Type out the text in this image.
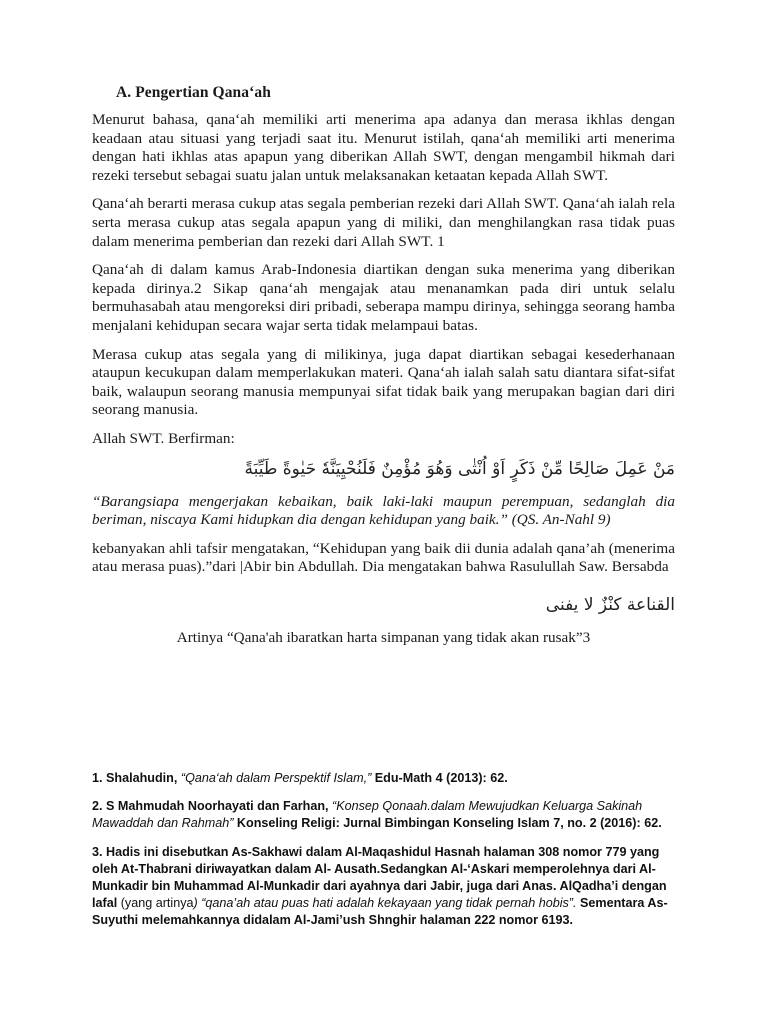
A. Pengertian Qana‘ah

Menurut bahasa, qana‘ah memiliki arti menerima apa adanya dan merasa ikhlas dengan keadaan atau situasi yang terjadi saat itu. Menurut istilah, qana‘ah memiliki arti menerima dengan hati ikhlas atas apapun yang diberikan Allah SWT, dengan mengambil hikmah dari rezeki tersebut sebagai suatu jalan untuk melaksanakan ketaatan kepada Allah SWT.

Qana‘ah berarti merasa cukup atas segala pemberian rezeki dari Allah SWT. Qana‘ah ialah rela serta merasa cukup atas segala apapun yang di miliki, dan menghilangkan rasa tidak puas dalam menerima pemberian dan rezeki dari Allah SWT. 1

Qana‘ah di dalam kamus Arab-Indonesia diartikan dengan suka menerima yang diberikan kepada dirinya.2 Sikap qana‘ah mengajak atau menanamkan pada diri untuk selalu bermuhasabah atau mengoreksi diri pribadi, seberapa mampu dirinya, sehingga seorang hamba menjalani kehidupan secara wajar serta tidak melampaui batas.

Merasa cukup atas segala yang di milikinya, juga dapat diartikan sebagai kesederhanaan ataupun kecukupan dalam memperlakukan materi. Qana‘ah ialah salah satu diantara sifat-sifat baik, walaupun seorang manusia mempunyai sifat tidak baik yang merupakan bagian dari diri seorang manusia.

Allah SWT. Berfirman:

مَنْ عَمِلَ صَالِحًا مِّنْ ذَكَرٍ اَوْ اُنْثٰى وَهُوَ مُؤْمِنٌ فَلَنُحْيِيَنَّهٗ حَيٰوةً طَيِّبَةً

“Barangsiapa mengerjakan kebaikan, baik laki-laki maupun perempuan, sedanglah dia beriman, niscaya Kami hidupkan dia dengan kehidupan yang baik.” (QS. An-Nahl 9)

kebanyakan ahli tafsir mengatakan, “Kehidupan yang baik dii dunia adalah qana’ah (menerima atau merasa puas).”dari |Abir bin Abdullah. Dia mengatakan bahwa Rasulullah Saw. Bersabda

القناعة كنْزٌ لا يفنى

Artinya “Qana'ah ibaratkan harta simpanan yang tidak akan rusak”3

1. Shalahudin, “Qana‘ah dalam Perspektif Islam,” Edu-Math 4 (2013): 62.

2. S Mahmudah Noorhayati dan Farhan, “Konsep Qonaah.dalam Mewujudkan Keluarga Sakinah Mawaddah dan Rahmah” Konseling Religi: Jurnal Bimbingan Konseling Islam 7, no. 2 (2016): 62.

3. Hadis ini disebutkan As-Sakhawi dalam Al-Maqashidul Hasnah halaman 308 nomor 779 yang oleh At-Thabrani diriwayatkan dalam Al- Ausath.Sedangkan Al-‘Askari memperolehnya dari Al-Munkadir bin Muhammad Al-Munkadir dari ayahnya dari Jabir, juga dari Anas. AlQadha’i dengan lafal (yang artinya) “qana’ah atau puas hati adalah kekayaan yang tidak pernah hobis”. Sementara As-Suyuthi melemahkannya didalam Al-Jami’ush Shnghir halaman 222 nomor 6193.
